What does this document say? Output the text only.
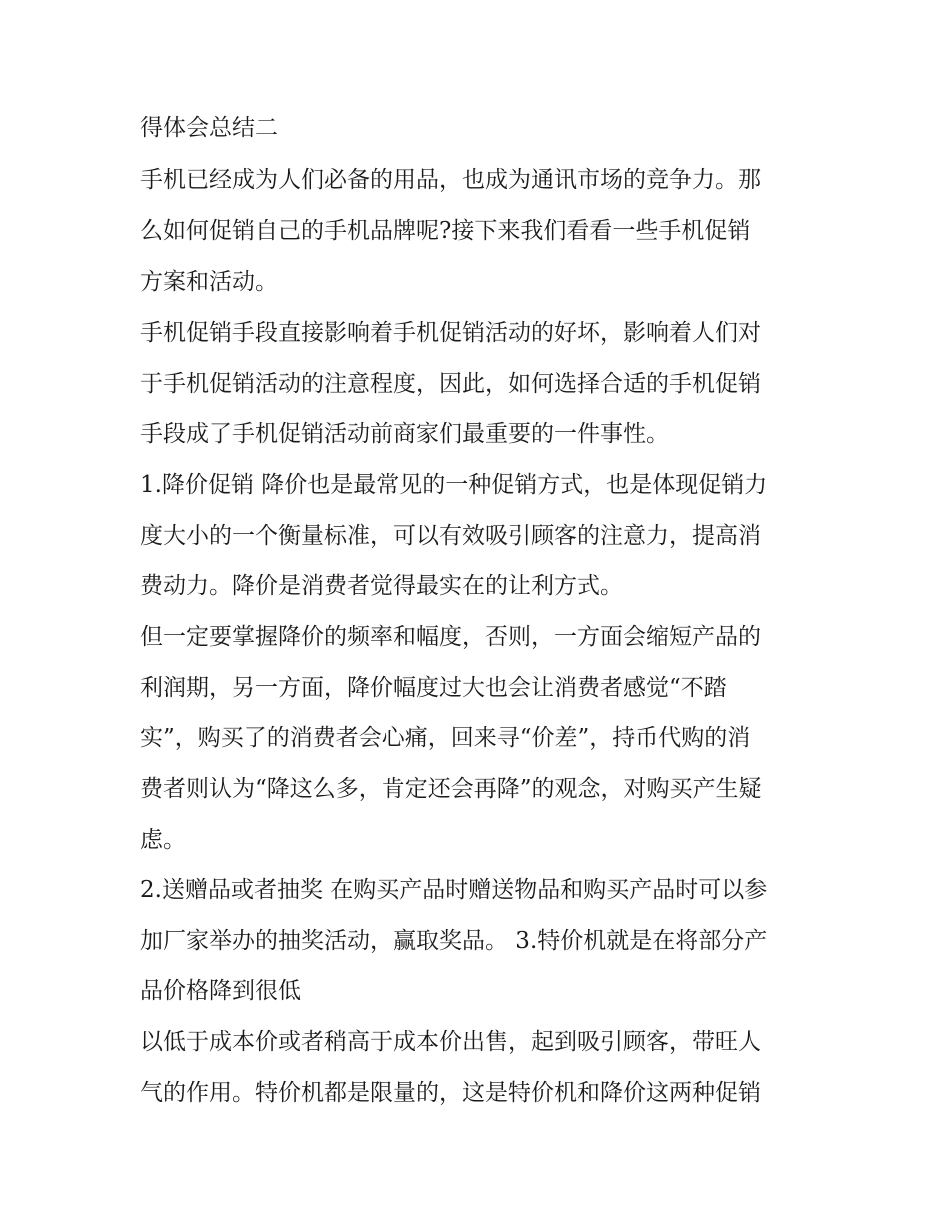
得体会总结二
手机已经成为人们必备的用品，也成为通讯市场的竞争力。那
么如何促销自己的手机品牌呢?接下来我们看看一些手机促销
方案和活动。
手机促销手段直接影响着手机促销活动的好坏，影响着人们对
于手机促销活动的注意程度，因此，如何选择合适的手机促销
手段成了手机促销活动前商家们最重要的一件事性。
1.降价促销 降价也是最常见的一种促销方式，也是体现促销力
度大小的一个衡量标准，可以有效吸引顾客的注意力，提高消
费动力。降价是消费者觉得最实在的让利方式。
但一定要掌握降价的频率和幅度，否则，一方面会缩短产品的
利润期，另一方面，降价幅度过大也会让消费者感觉“不踏
实”，购买了的消费者会心痛，回来寻“价差”，持币代购的消
费者则认为“降这么多，肯定还会再降”的观念，对购买产生疑
虑。
2.送赠品或者抽奖 在购买产品时赠送物品和购买产品时可以参
加厂家举办的抽奖活动，赢取奖品。 3.特价机就是在将部分产
品价格降到很低
以低于成本价或者稍高于成本价出售，起到吸引顾客，带旺人
气的作用。特价机都是限量的，这是特价机和降价这两种促销
